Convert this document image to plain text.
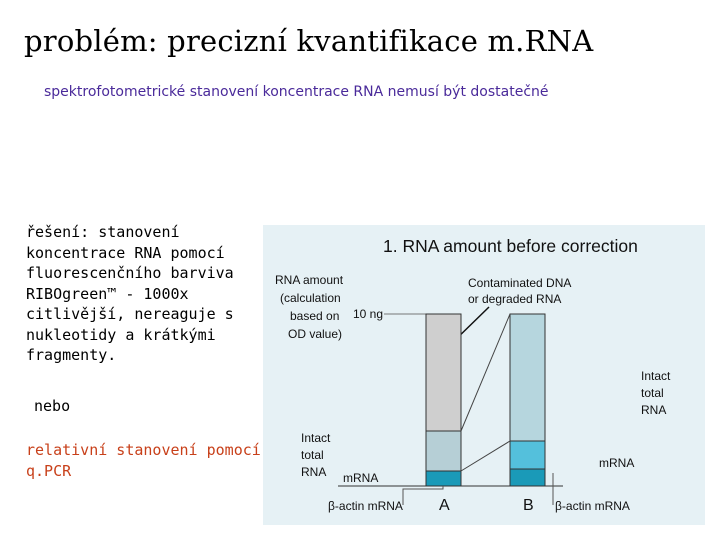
problém: precizní kvantifikace m.RNA
spektrofotometrické stanovení koncentrace RNA nemusí být dostatečné
řešení: stanovení
koncentrace RNA pomocí
fluorescenčního barviva
RIBOgreen™ - 1000x
citlivější, nereaguje s
nukleotidy a krátkými
fragmenty.
nebo
relativní stanovení pomocí
q.PCR
1. RNA amount before correction
RNA amount
(calculation
based on
OD value)
10 ng
Contaminated DNA
or degraded RNA
Intact
total
RNA mRNA
Intact
total
RNA
mRNA
β-actin mRNA	β-actin mRNA
A	B
